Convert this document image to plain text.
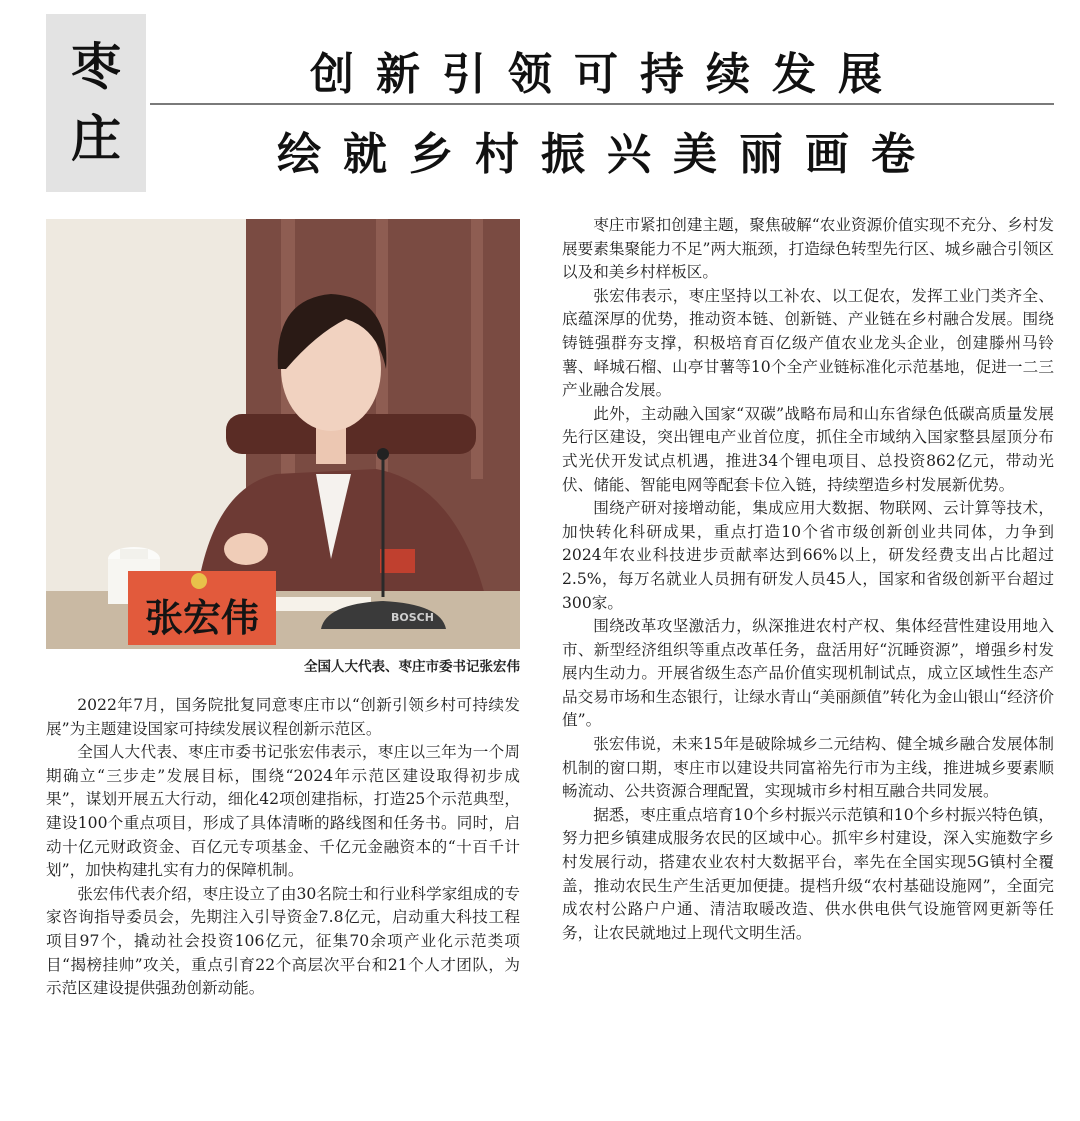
枣
庄
创新引领可持续发展
绘就乡村振兴美丽画卷
张宏伟	BOSCH
全国人大代表、枣庄市委书记张宏伟

2022年7月，国务院批复同意枣庄市以“创新引领乡村可持续发展”为主题建设国家可持续发展议程创新示范区。

全国人大代表、枣庄市委书记张宏伟表示，枣庄以三年为一个周期确立“三步走”发展目标，围绕“2024年示范区建设取得初步成果”，谋划开展五大行动，细化42项创建指标，打造25个示范典型，建设100个重点项目，形成了具体清晰的路线图和任务书。同时，启动十亿元财政资金、百亿元专项基金、千亿元金融资本的“十百千计划”，加快构建扎实有力的保障机制。

张宏伟代表介绍，枣庄设立了由30名院士和行业科学家组成的专家咨询指导委员会，先期注入引导资金7.8亿元，启动重大科技工程项目97个，撬动社会投资106亿元，征集70余项产业化示范类项目“揭榜挂帅”攻关，重点引育22个高层次平台和21个人才团队，为示范区建设提供强劲创新动能。

枣庄市紧扣创建主题，聚焦破解“农业资源价值实现不充分、乡村发展要素集聚能力不足”两大瓶颈，打造绿色转型先行区、城乡融合引领区以及和美乡村样板区。

张宏伟表示，枣庄坚持以工补农、以工促农，发挥工业门类齐全、底蕴深厚的优势，推动资本链、创新链、产业链在乡村融合发展。围绕铸链强群夯支撑，积极培育百亿级产值农业龙头企业，创建滕州马铃薯、峄城石榴、山亭甘薯等10个全产业链标准化示范基地，促进一二三产业融合发展。

此外，主动融入国家“双碳”战略布局和山东省绿色低碳高质量发展先行区建设，突出锂电产业首位度，抓住全市域纳入国家整县屋顶分布式光伏开发试点机遇，推进34个锂电项目、总投资862亿元，带动光伏、储能、智能电网等配套卡位入链，持续塑造乡村发展新优势。

围绕产研对接增动能，集成应用大数据、物联网、云计算等技术，加快转化科研成果，重点打造10个省市级创新创业共同体，力争到2024年农业科技进步贡献率达到66%以上，研发经费支出占比超过2.5%，每万名就业人员拥有研发人员45人，国家和省级创新平台超过300家。

围绕改革攻坚激活力，纵深推进农村产权、集体经营性建设用地入市、新型经济组织等重点改革任务，盘活用好“沉睡资源”，增强乡村发展内生动力。开展省级生态产品价值实现机制试点，成立区域性生态产品交易市场和生态银行，让绿水青山“美丽颜值”转化为金山银山“经济价值”。

张宏伟说，未来15年是破除城乡二元结构、健全城乡融合发展体制机制的窗口期，枣庄市以建设共同富裕先行市为主线，推进城乡要素顺畅流动、公共资源合理配置，实现城市乡村相互融合共同发展。

据悉，枣庄重点培育10个乡村振兴示范镇和10个乡村振兴特色镇，努力把乡镇建成服务农民的区域中心。抓牢乡村建设，深入实施数字乡村发展行动，搭建农业农村大数据平台，率先在全国实现5G镇村全覆盖，推动农民生产生活更加便捷。提档升级“农村基础设施网”，全面完成农村公路户户通、清洁取暖改造、供水供电供气设施管网更新等任务，让农民就地过上现代文明生活。
